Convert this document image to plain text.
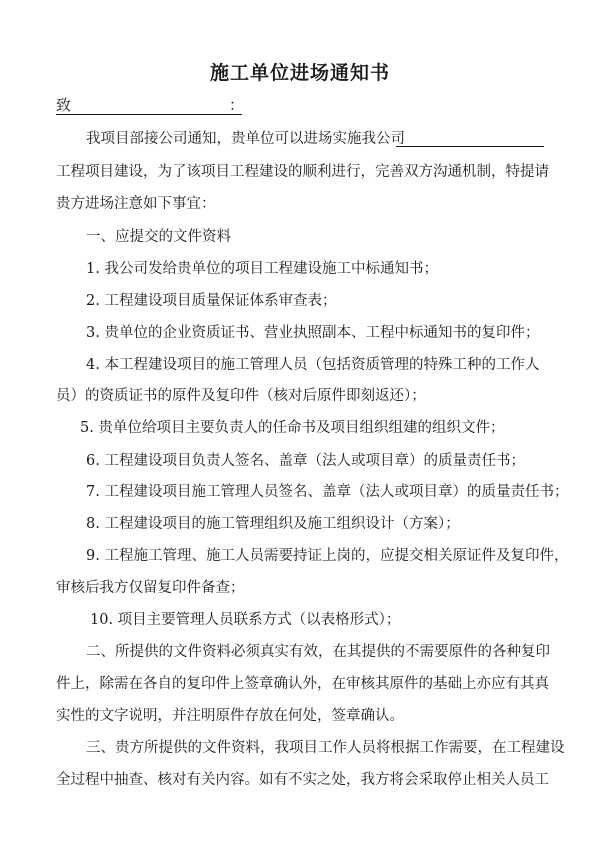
施工单位进场通知书
致	：
我项目部接公司通知，贵单位可以进场实施我公司
工程项目建设，为了该项目工程建设的顺利进行，完善双方沟通机制，特提请
贵方进场注意如下事宜：
一、应提交的文件资料
1. 我公司发给贵单位的项目工程建设施工中标通知书；
2. 工程建设项目质量保证体系审查表；
3. 贵单位的企业资质证书、营业执照副本、工程中标通知书的复印件；
4. 本工程建设项目的施工管理人员（包括资质管理的特殊工种的工作人
员）的资质证书的原件及复印件（核对后原件即刻返还）；
5. 贵单位给项目主要负责人的任命书及项目组织组建的组织文件；
6. 工程建设项目负责人签名、盖章（法人或项目章）的质量责任书；
7. 工程建设项目施工管理人员签名、盖章（法人或项目章）的质量责任书；
8. 工程建设项目的施工管理组织及施工组织设计（方案）；
9. 工程施工管理、施工人员需要持证上岗的，应提交相关原证件及复印件，
审核后我方仅留复印件备查；
10. 项目主要管理人员联系方式（以表格形式）；
二、所提供的文件资料必须真实有效，在其提供的不需要原件的各种复印
件上，除需在各自的复印件上签章确认外，在审核其原件的基础上亦应有其真
实性的文字说明，并注明原件存放在何处，签章确认。
三、贵方所提供的文件资料，我项目工作人员将根据工作需要，在工程建设
全过程中抽查、核对有关内容。如有不实之处，我方将会采取停止相关人员工
